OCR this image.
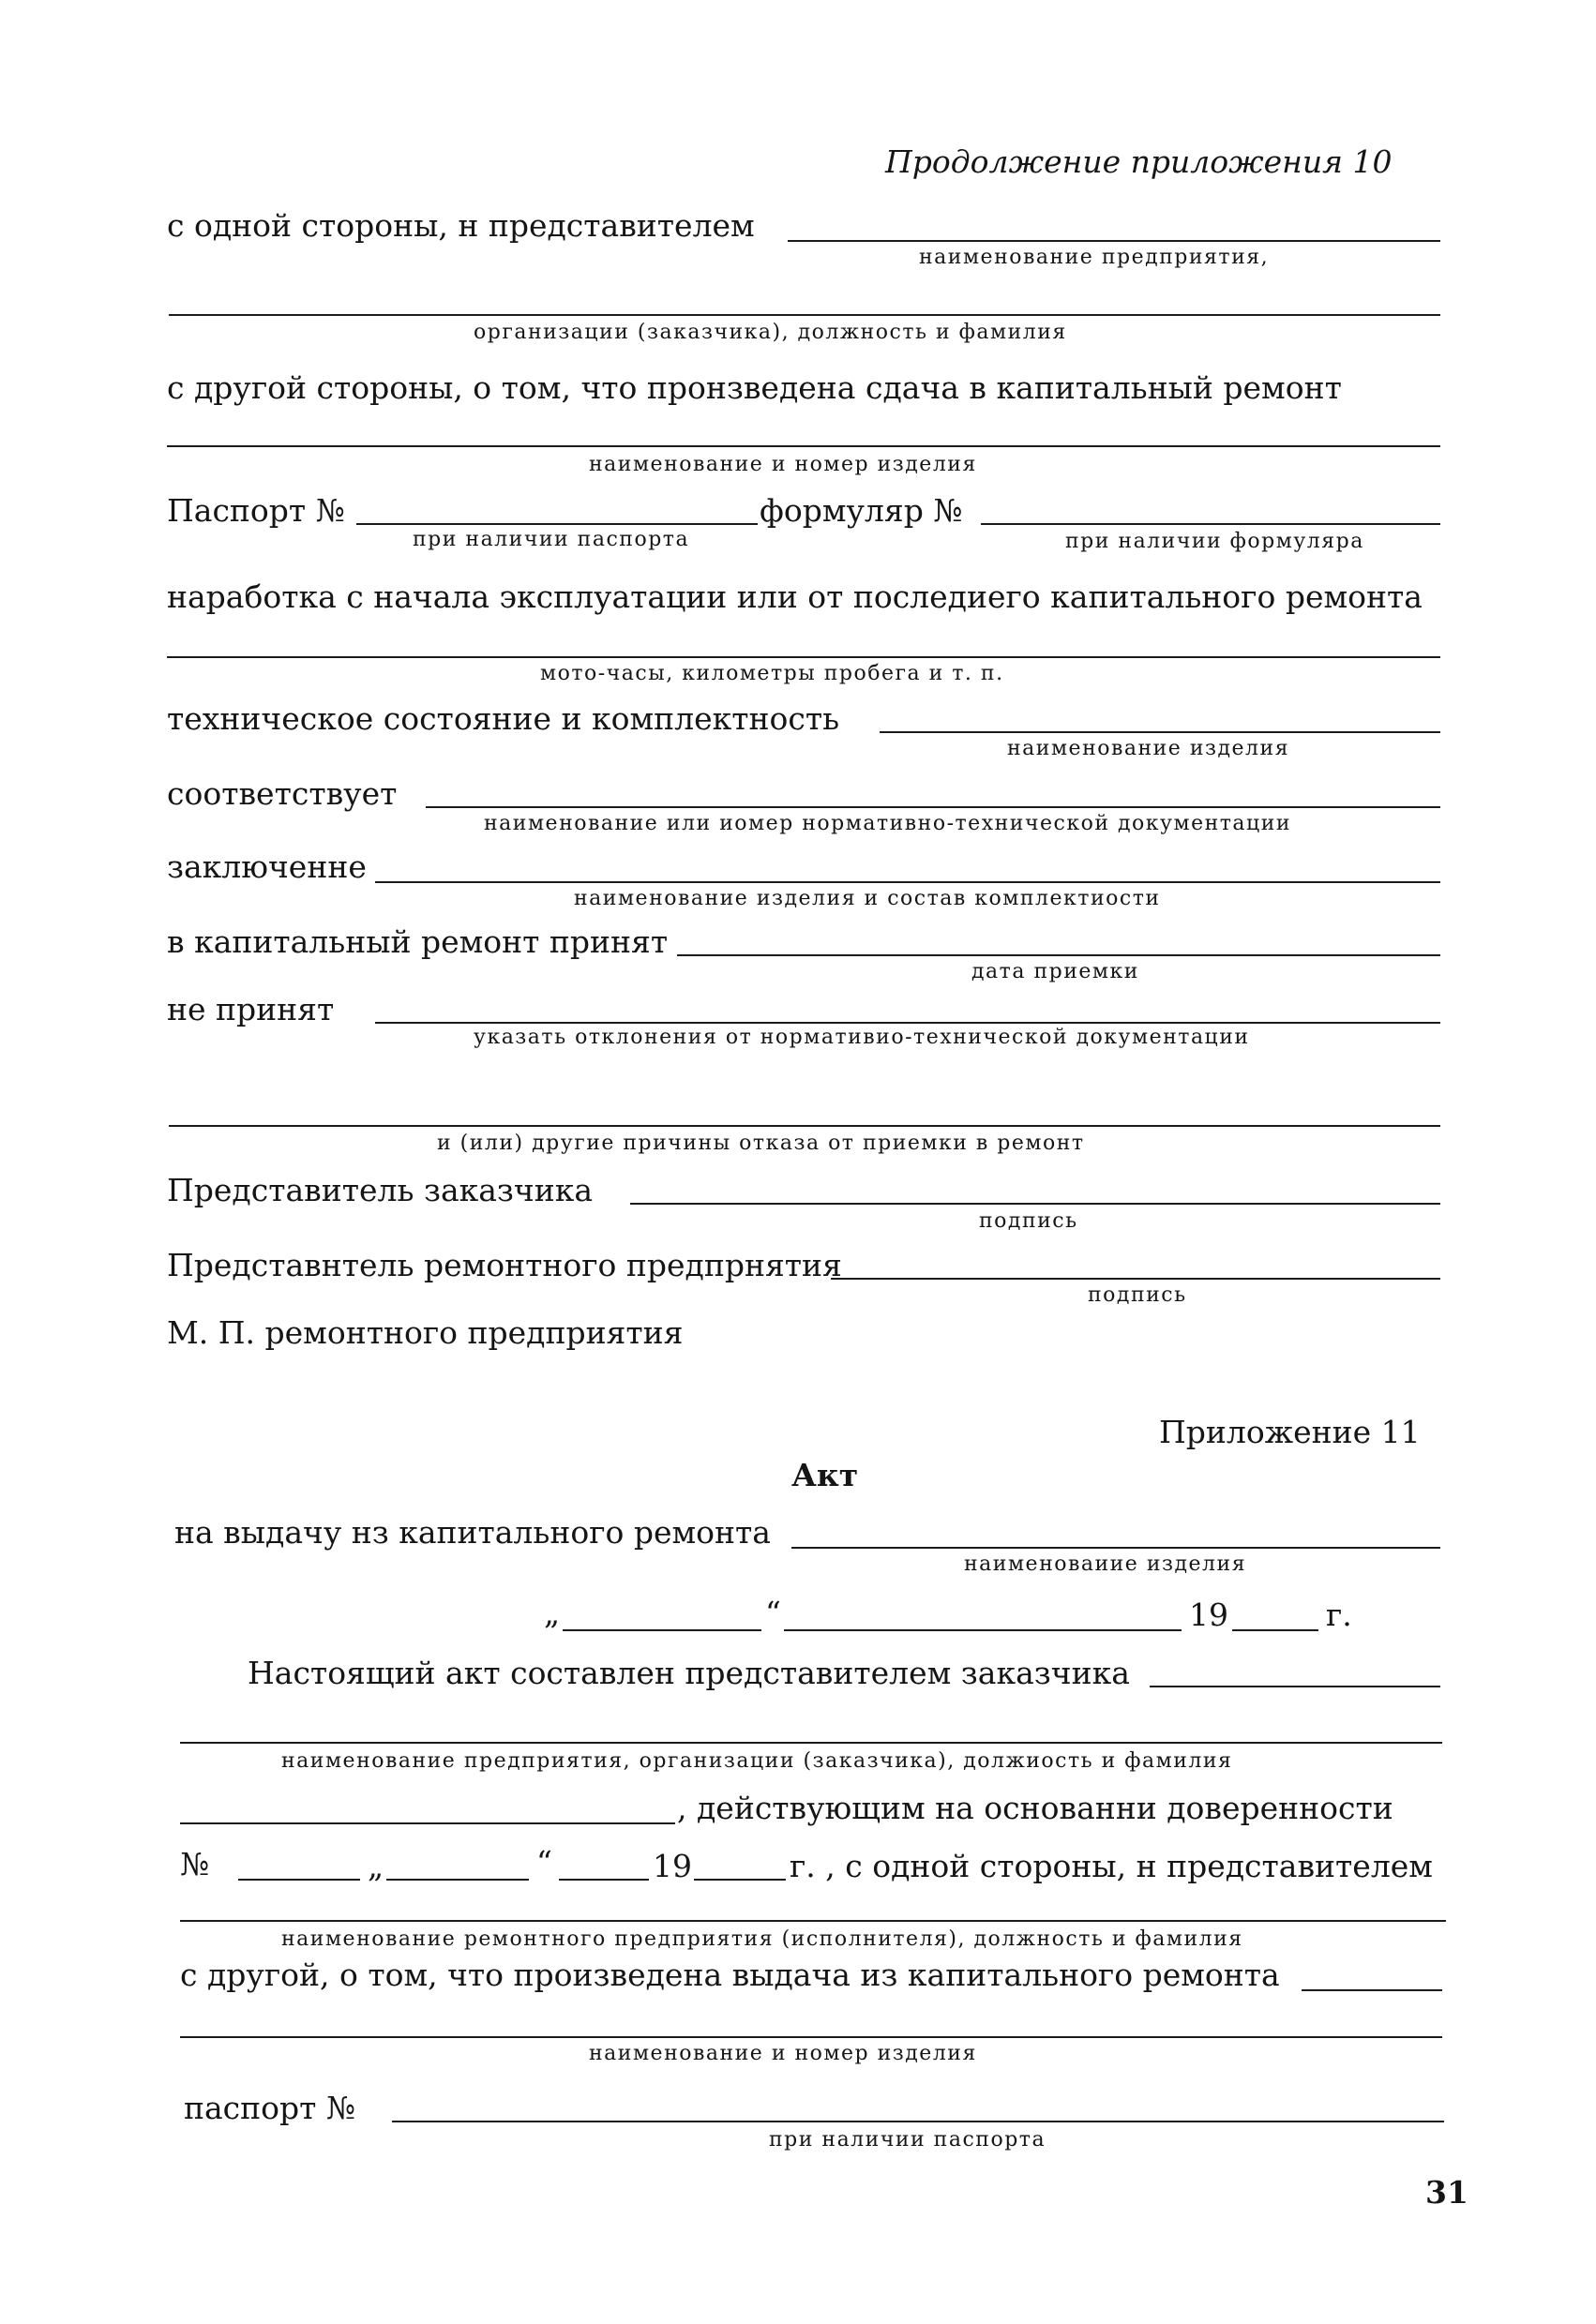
Продолжение приложения 10
с одной стороны, н представителем
наименование предприятия,
организации (заказчика), должность и фамилия
с другой стороны, о том, что пронзведена сдача в капитальный ремонт
наименование и номер изделия
Паспорт №	формуляр №
при наличии паспорта	при наличии формуляра
наработка с начала эксплуатации или от последиего капитального ремонта
мото-часы, километры пробега и т. п.
техническое состояние и комплектность
наименование изделия
соответствует
наименование или иомер нормативно-технической документации
заключенне
наименование изделия и состав комплектиости
в капитальный ремонт принят
дата приемки
не принят
указать отклонения от нормативио-технической документации
и (или) другие причины отказа от приемки в ремонт
Представитель заказчика
подпись
Представнтель ремонтного предпрнятия
подпись
М. П. ремонтного предприятия
Приложение 11
Акт
на выдачу нз капитального ремонта
наименоваиие изделия
„	“	19	г.
Настоящий акт составлен представителем заказчика
наименование предприятия, организации (заказчика), должиость и фамилия
, действующим на основанни доверенности
№	„	“	19	г. , с одной стороны, н представителем
наименование ремонтного предприятия (исполнителя), должность и фамилия
с другой, о том, что произведена выдача из капитального ремонта
наименование и номер изделия
паспорт №
при наличии паспорта
31
